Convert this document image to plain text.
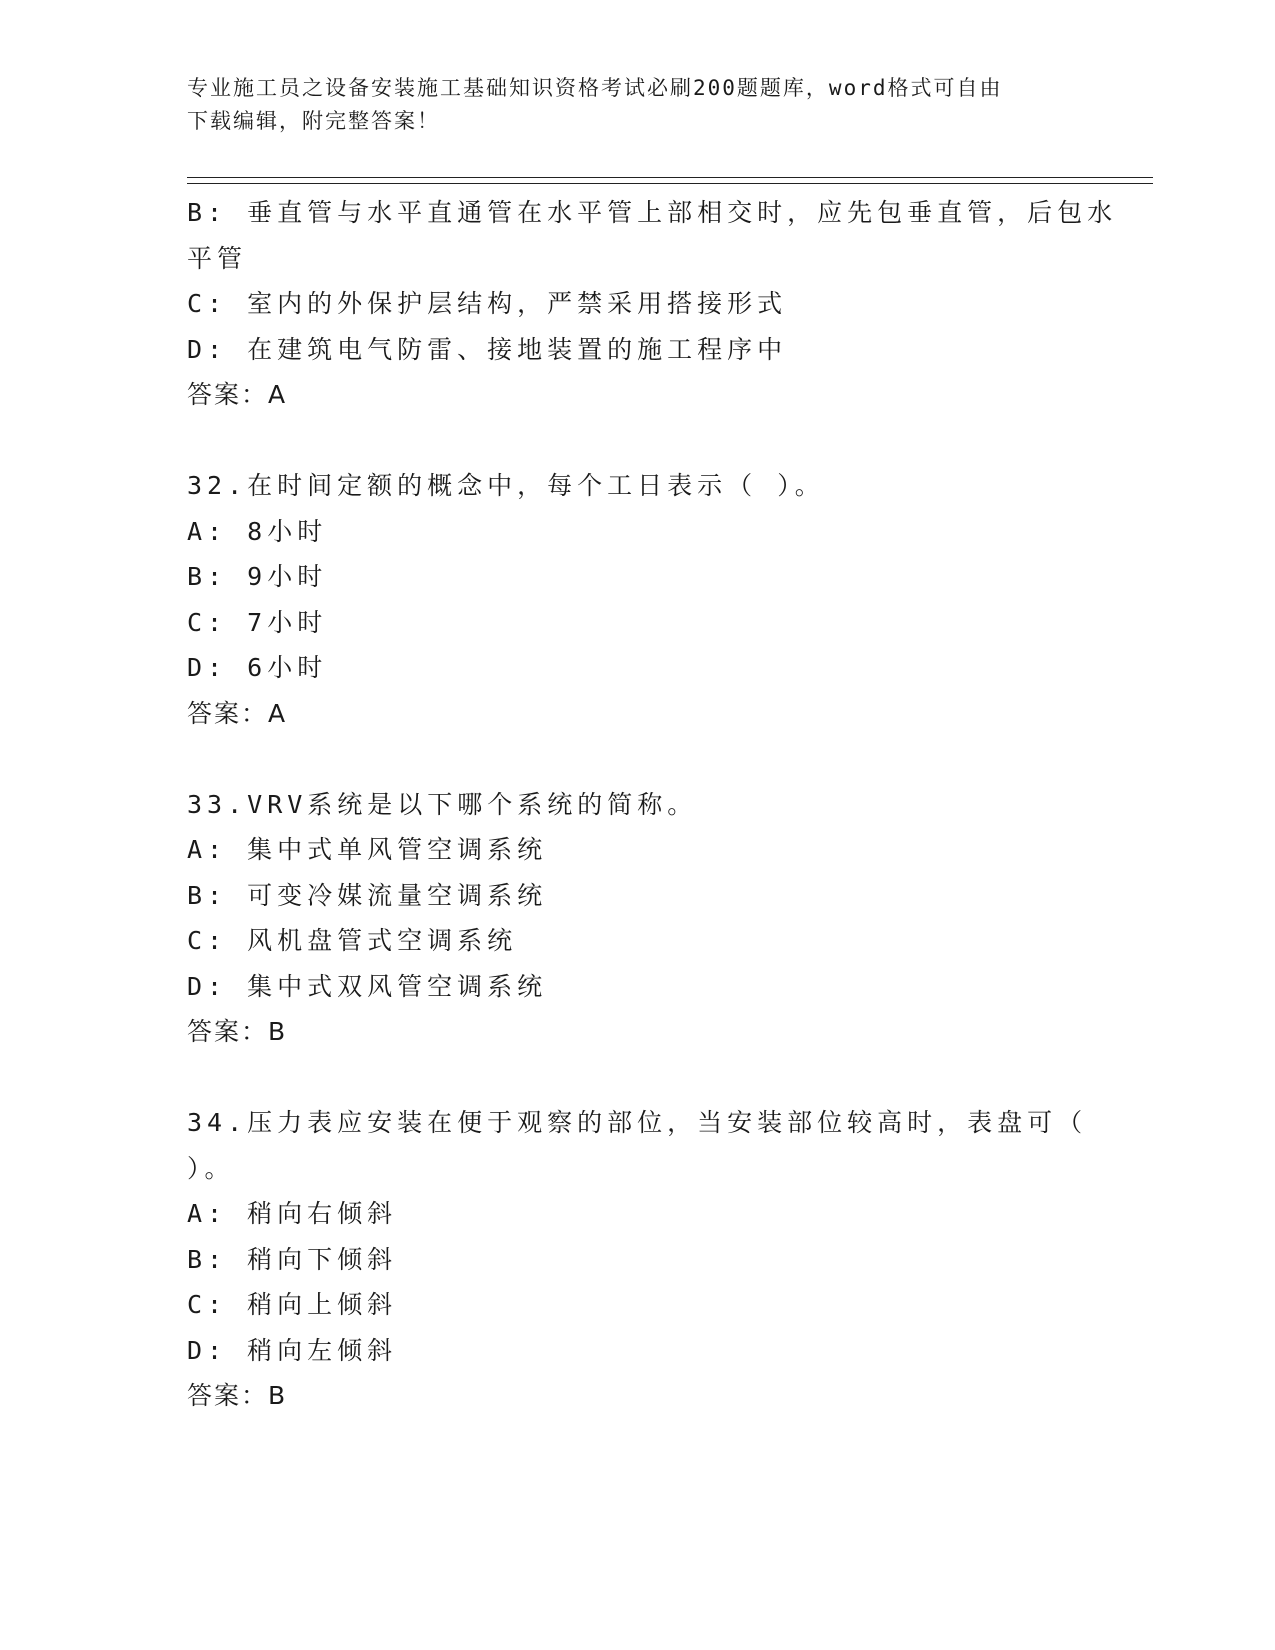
专业施工员之设备安装施工基础知识资格考试必刷200题题库，word格式可自由
下载编辑，附完整答案！
B: 垂直管与水平直通管在水平管上部相交时，应先包垂直管，后包水
平管
C: 室内的外保护层结构，严禁采用搭接形式
D: 在建筑电气防雷、接地装置的施工程序中
答案：A
32.在时间定额的概念中，每个工日表示（ ）。
A: 8小时
B: 9小时
C: 7小时
D: 6小时
答案：A
33.VRV系统是以下哪个系统的简称。
A: 集中式单风管空调系统
B: 可变冷媒流量空调系统
C: 风机盘管式空调系统
D: 集中式双风管空调系统
答案：B
34.压力表应安装在便于观察的部位，当安装部位较高时，表盘可（
）。
A: 稍向右倾斜
B: 稍向下倾斜
C: 稍向上倾斜
D: 稍向左倾斜
答案：B
